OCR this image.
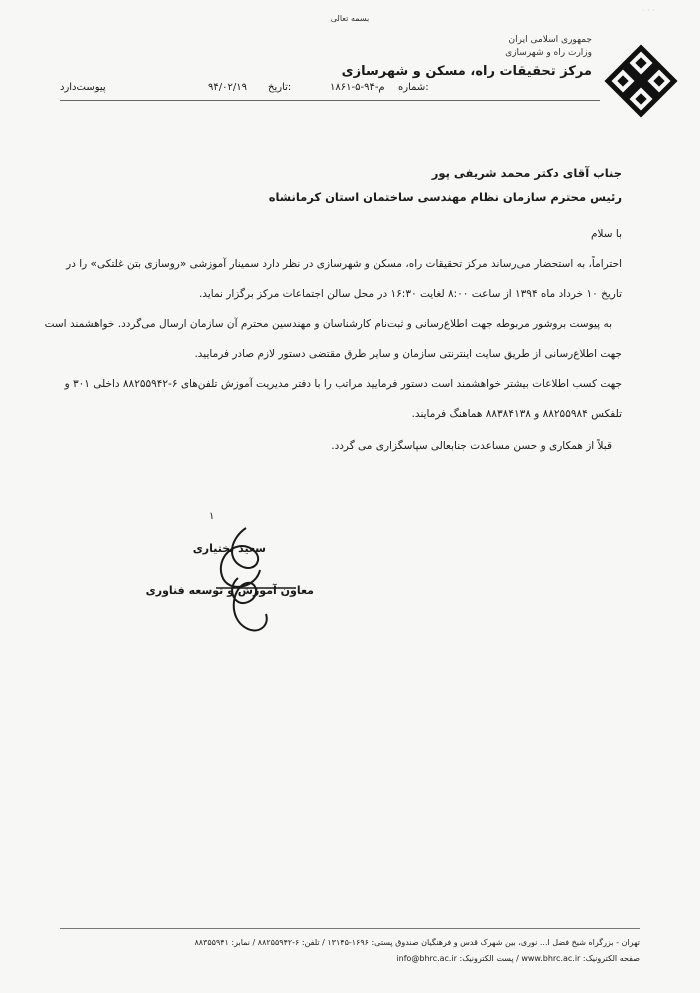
· · ·
بسمه تعالی
جمهوری اسلامی ایران
وزارت راه و شهرسازی
مرکز تحقیقات راه، مسکن و شهرسازی
پیوست‌دارد	۹۴/۰۲/۱۹ تاریخ:	۱۸۶۱-۵-م-۹۴ شماره:
جناب آقای دکتر محمد شریفی پور
رئیس محترم سازمان نظام مهندسی ساختمان استان کرمانشاه
با سلام
احتراماً، به استحضار می‌رساند مرکز تحقیقات راه، مسکن و شهرسازی در نظر دارد سمینار آموزشی «روسازی بتن غلتکی» را در
تاریخ ۱۰ خرداد ماه ۱۳۹۴ از ساعت ۸:۰۰ لغایت ۱۶:۳۰ در محل سالن اجتماعات مرکز برگزار نماید.
به پیوست بروشور مربوطه جهت اطلاع‌رسانی و ثبت‌نام کارشناسان و مهندسین محترم آن سازمان ارسال می‌گردد. خواهشمند است
جهت اطلاع‌رسانی از طریق سایت اینترنتی سازمان و سایر طرق مقتضی دستور لازم صادر فرمایید.
جهت کسب اطلاعات بیشتر خواهشمند است دستور فرمایید مراتب را با دفتر مدیریت آموزش تلفن‌های ۶-۸۸۲۵۵۹۴۲ داخلی ۳۰۱ و
تلفکس ۸۸۲۵۵۹۸۴ و ۸۸۳۸۴۱۳۸ هماهنگ فرمایند.
قبلاً از همکاری و حسن مساعدت جنابعالی سپاسگزاری می گردد.
۱
سعید بختیاری
معاون آموزش و توسعه فناوری
تهران - بزرگراه شیخ فضل ا... نوری، بین شهرک قدس و فرهنگیان صندوق پستی: ۱۶۹۶-۱۳۱۴۵ / تلفن: ۶-۸۸۲۵۵۹۴۲ / نمابر: ۸۸۳۵۵۹۴۱
صفحه الکترونیک: www.bhrc.ac.ir / پست الکترونیک: info@bhrc.ac.ir
